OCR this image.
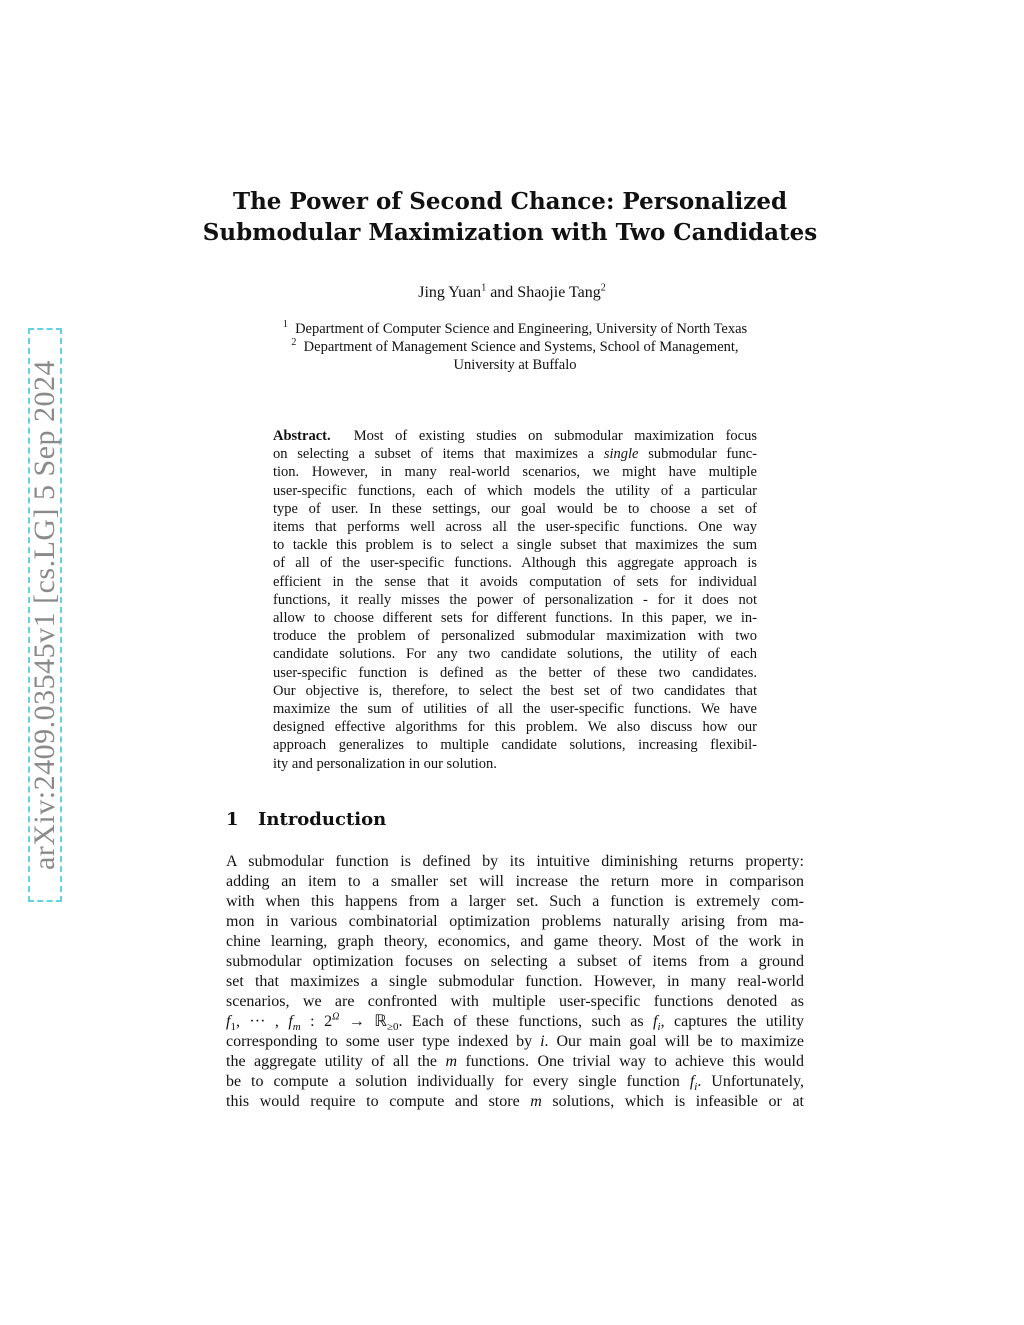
arXiv:2409.03545v1 [cs.LG] 5 Sep 2024
The Power of Second Chance: Personalized
Submodular Maximization with Two Candidates
Jing Yuan$^1$ and Shaojie Tang$^2$
$^1$ Department of Computer Science and Engineering, University of North Texas
$^2$ Department of Management Science and Systems, School of Management,
University at Buffalo
Abstract. Most of existing studies on submodular maximization focus
on selecting a subset of items that maximizes a single submodular func-
tion. However, in many real-world scenarios, we might have multiple
user-specific functions, each of which models the utility of a particular
type of user. In these settings, our goal would be to choose a set of
items that performs well across all the user-specific functions. One way
to tackle this problem is to select a single subset that maximizes the sum
of all of the user-specific functions. Although this aggregate approach is
efficient in the sense that it avoids computation of sets for individual
functions, it really misses the power of personalization - for it does not
allow to choose different sets for different functions. In this paper, we in-
troduce the problem of personalized submodular maximization with two
candidate solutions. For any two candidate solutions, the utility of each
user-specific function is defined as the better of these two candidates.
Our objective is, therefore, to select the best set of two candidates that
maximize the sum of utilities of all the user-specific functions. We have
designed effective algorithms for this problem. We also discuss how our
approach generalizes to multiple candidate solutions, increasing flexibil-
ity and personalization in our solution.
1 Introduction
A submodular function is defined by its intuitive diminishing returns property:
adding an item to a smaller set will increase the return more in comparison
with when this happens from a larger set. Such a function is extremely com-
mon in various combinatorial optimization problems naturally arising from ma-
chine learning, graph theory, economics, and game theory. Most of the work in
submodular optimization focuses on selecting a subset of items from a ground
set that maximizes a single submodular function. However, in many real-world
scenarios, we are confronted with multiple user-specific functions denoted as
$f_1$, ··· , $f_m$ : $2^\Omega$ → ℝ$_{\ge 0}$. Each of these functions, such as $f_i$, captures the utility
corresponding to some user type indexed by i. Our main goal will be to maximize
the aggregate utility of all the m functions. One trivial way to achieve this would
be to compute a solution individually for every single function $f_i$. Unfortunately,
this would require to compute and store m solutions, which is infeasible or at
